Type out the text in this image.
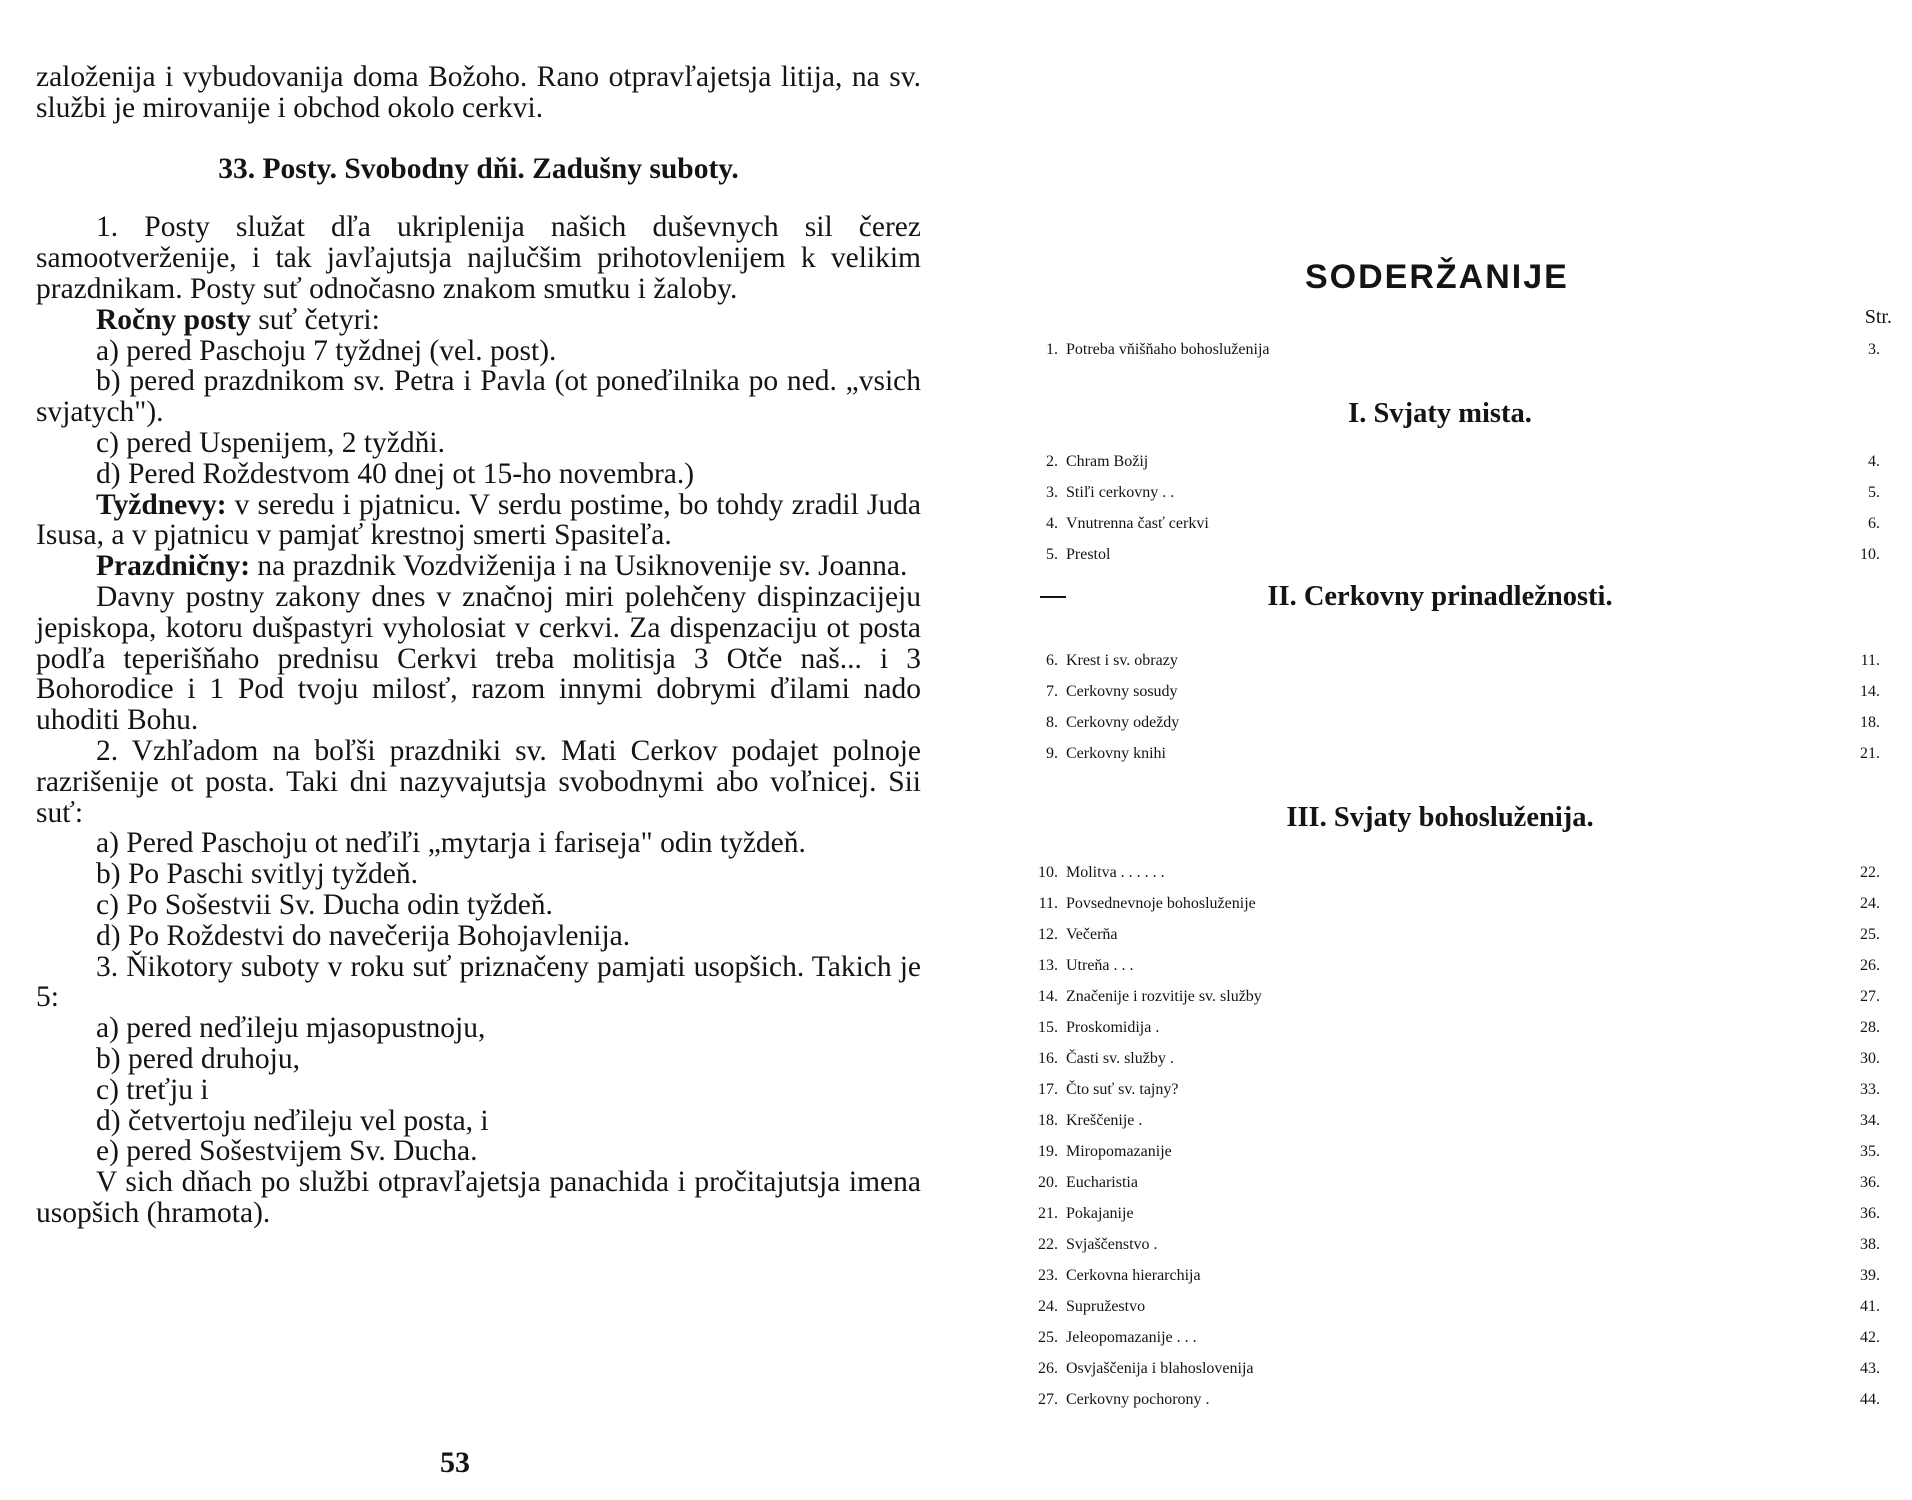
založenija i vybudovanija doma Božoho. Rano otpravľajetsja litija, na sv. službi je mirovanije i obchod okolo cerkvi.

33. Posty. Svobodny dňi. Zadušny suboty.

1. Posty služat dľa ukriplenija našich duševnych sil čerez samootverženije, i tak javľajutsja najlučšim prihotovlenijem k velikim prazdnikam. Posty suť odnočasno znakom smutku i žaloby.

Ročny posty suť četyri:

a) pered Paschoju 7 tyždnej (vel. post).

b) pered prazdnikom sv. Petra i Pavla (ot poneďilnika po ned. „vsich svjatych").

c) pered Uspenijem, 2 tyždňi.

d) Pered Roždestvom 40 dnej ot 15-ho novembra.)

Tyždnevy: v seredu i pjatnicu. V serdu postime, bo tohdy zradil Juda Isusa, a v pjatnicu v pamjať krestnoj smerti Spasiteľa.

Prazdničny: na prazdnik Vozdviženija i na Usiknovenije sv. Joanna.

Davny postny zakony dnes v značnoj miri polehčeny dispinzacijeju jepiskopa, kotoru dušpastyri vyholosiat v cerkvi. Za dispenzaciju ot posta podľa teperišňaho prednisu Cerkvi treba molitisja 3 Otče naš... i 3 Bohorodice i 1 Pod tvoju milosť, razom innymi dobrymi ďilami nado uhoditi Bohu.

2. Vzhľadom na boľši prazdniki sv. Mati Cerkov podajet polnoje razrišenije ot posta. Taki dni nazyvajutsja svobodnymi abo voľnicej. Sii suť:

a) Pered Paschoju ot neďiľi „mytarja i fariseja" odin tyždeň.

b) Po Paschi svitlyj tyždeň.

c) Po Sošestvii Sv. Ducha odin tyždeň.

d) Po Roždestvi do navečerija Bohojavlenija.

3. Ňikotory suboty v roku suť priznačeny pamjati usopšich. Takich je 5:

a) pered neďileju mjasopustnoju,

b) pered druhoju,

c) treťju i

d) četvertoju neďileju vel posta, i

e) pered Sošestvijem Sv. Ducha.

V sich dňach po službi otpravľajetsja panachida i pročitajutsja imena usopšich (hramota).

53
SODERŽANIJE
Str.
1. Potreba vňišňaho bohosluženija	3.
I. Svjaty mista.
2. Chram Božij	4.
3. Stiľi cerkovny . .	5.
4. Vnutrenna časť cerkvi	6.
5. Prestol	10.
II. Cerkovny prinadležnosti.
6. Krest i sv. obrazy	11.
7. Cerkovny sosudy	14.
8. Cerkovny odeždy	18.
9. Cerkovny knihi	21.
III. Svjaty bohosluženija.
10. Molitva . . . . . .	22.
11. Povsednevnoje bohosluženije	24.
12. Večerňa	25.
13. Utreňa . . .	26.
14. Značenije i rozvitije sv. služby	27.
15. Proskomidija .	28.
16. Časti sv. služby .	30.
17. Čto suť sv. tajny?	33.
18. Kreščenije .	34.
19. Miropomazanije	35.
20. Eucharistia	36.
21. Pokajanije	36.
22. Svjaščenstvo .	38.
23. Cerkovna hierarchija	39.
24. Supružestvo	41.
25. Jeleopomazanije . . .	42.
26. Osvjaščenija i blahoslovenija	43.
27. Cerkovny pochorony .	44.
